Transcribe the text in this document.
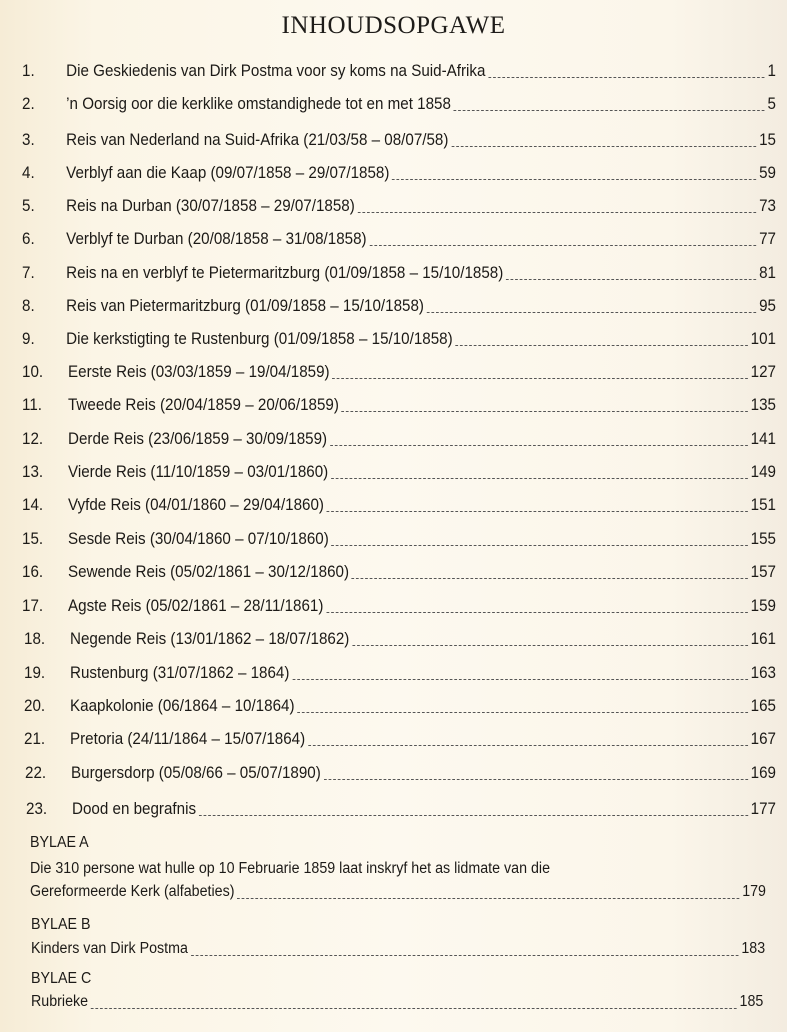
INHOUDSOPGAWE
1.	Die Geskiedenis van Dirk Postma voor sy koms na Suid-Afrika	1
2.	’n Oorsig oor die kerklike omstandighede tot en met 1858	5
3.	Reis van Nederland na Suid-Afrika (21/03/58 – 08/07/58)	15
4.	Verblyf aan die Kaap (09/07/1858 – 29/07/1858)	59
5.	Reis na Durban (30/07/1858 – 29/07/1858)	73
6.	Verblyf te Durban (20/08/1858 – 31/08/1858)	77
7.	Reis na en verblyf te Pietermaritzburg (01/09/1858 – 15/10/1858)	81
8.	Reis van Pietermaritzburg (01/09/1858 – 15/10/1858)	95
9.	Die kerkstigting te Rustenburg (01/09/1858 – 15/10/1858)	101
10.	Eerste Reis (03/03/1859 – 19/04/1859)	127
11.	Tweede Reis (20/04/1859 – 20/06/1859)	135
12.	Derde Reis (23/06/1859 – 30/09/1859)	141
13.	Vierde Reis (11/10/1859 – 03/01/1860)	149
14.	Vyfde Reis (04/01/1860 – 29/04/1860)	151
15.	Sesde Reis (30/04/1860 – 07/10/1860)	155
16.	Sewende Reis (05/02/1861 – 30/12/1860)	157
17.	Agste Reis (05/02/1861 – 28/11/1861)	159
18.	Negende Reis (13/01/1862 – 18/07/1862)	161
19.	Rustenburg (31/07/1862 – 1864)	163
20.	Kaapkolonie (06/1864 – 10/1864)	165
21.	Pretoria (24/11/1864 – 15/07/1864)	167
22.	Burgersdorp (05/08/66 – 05/07/1890)	169
23.	Dood en begrafnis	177
BYLAE A
Die 310 persone wat hulle op 10 Februarie 1859 laat inskryf het as lidmate van die
Gereformeerde Kerk (alfabeties)	179
BYLAE B
Kinders van Dirk Postma	183
BYLAE C
Rubrieke	185
